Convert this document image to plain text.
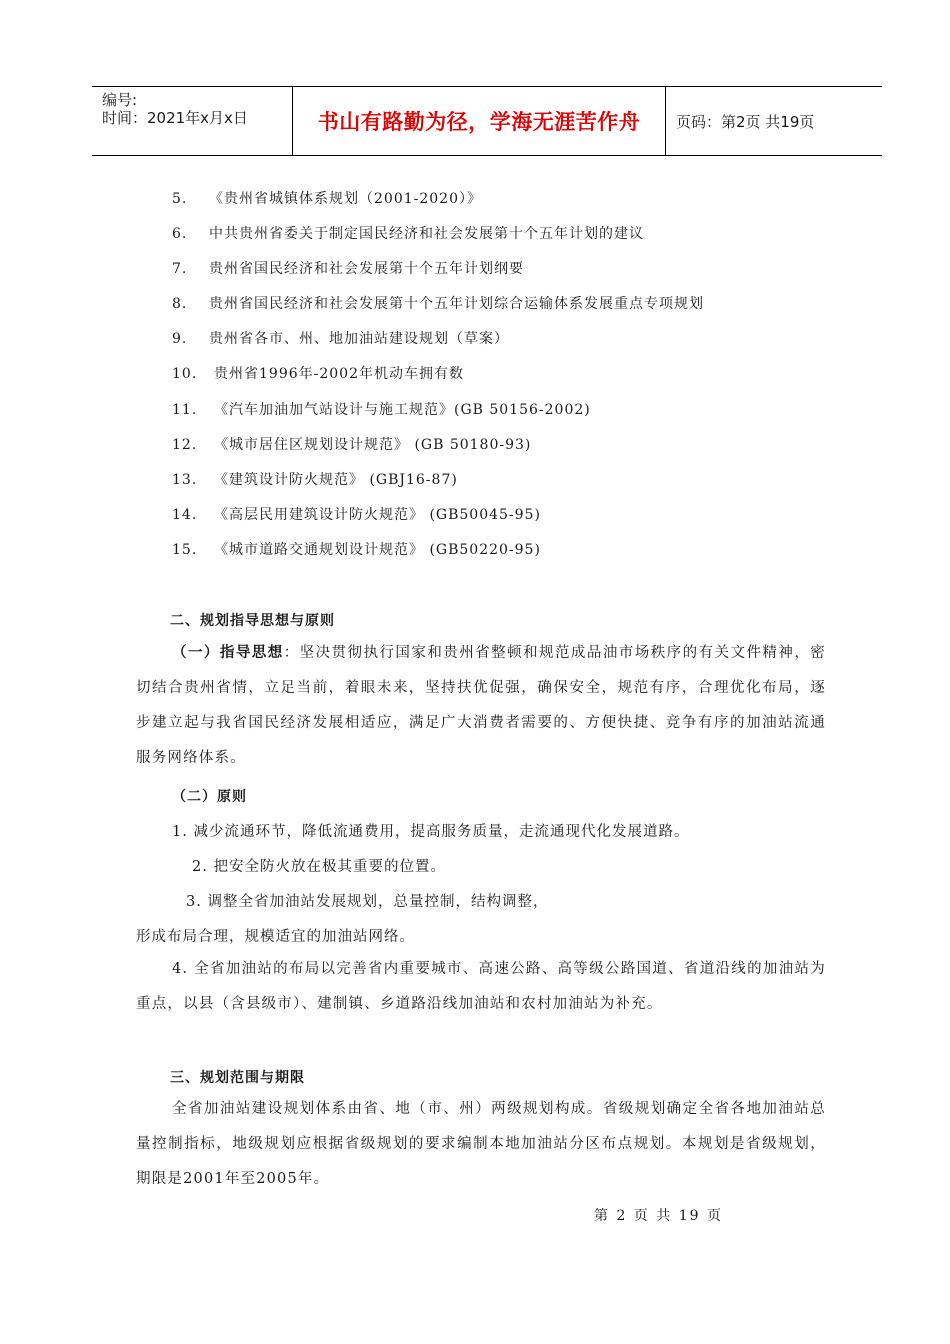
编号:
时间：2021年x月x日	书山有路勤为径，学海无涯苦作舟	页码：第2页 共19页
5. 《贵州省城镇体系规划（2001-2020）》
6. 中共贵州省委关于制定国民经济和社会发展第十个五年计划的建议
7. 贵州省国民经济和社会发展第十个五年计划纲要
8. 贵州省国民经济和社会发展第十个五年计划综合运输体系发展重点专项规划
9. 贵州省各市、州、地加油站建设规划（草案）
10. 贵州省1996年-2002年机动车拥有数
11. 《汽车加油加气站设计与施工规范》(GB 50156-2002)
12. 《城市居住区规划设计规范》 (GB 50180-93)
13. 《建筑设计防火规范》 (GBJ16-87)
14. 《高层民用建筑设计防火规范》 (GB50045-95)
15. 《城市道路交通规划设计规范》 (GB50220-95)
二、规划指导思想与原则
（一）指导思想：坚决贯彻执行国家和贵州省整顿和规范成品油市场秩序的有关文件精神，密切结合贵州省情，立足当前，着眼未来，坚持扶优促强，确保安全，规范有序，合理优化布局，逐步建立起与我省国民经济发展相适应，满足广大消费者需要的、方便快捷、竞争有序的加油站流通服务网络体系。
（二）原则
1. 减少流通环节，降低流通费用，提高服务质量，走流通现代化发展道路。
2. 把安全防火放在极其重要的位置。
3. 调整全省加油站发展规划，总量控制，结构调整，
形成布局合理，规模适宜的加油站网络。
4. 全省加油站的布局以完善省内重要城市、高速公路、高等级公路国道、省道沿线的加油站为重点，以县（含县级市）、建制镇、乡道路沿线加油站和农村加油站为补充。
三、规划范围与期限
全省加油站建设规划体系由省、地（市、州）两级规划构成。省级规划确定全省各地加油站总量控制指标，地级规划应根据省级规划的要求编制本地加油站分区布点规划。本规划是省级规划，期限是2001年至2005年。
第 2 页 共 19 页
